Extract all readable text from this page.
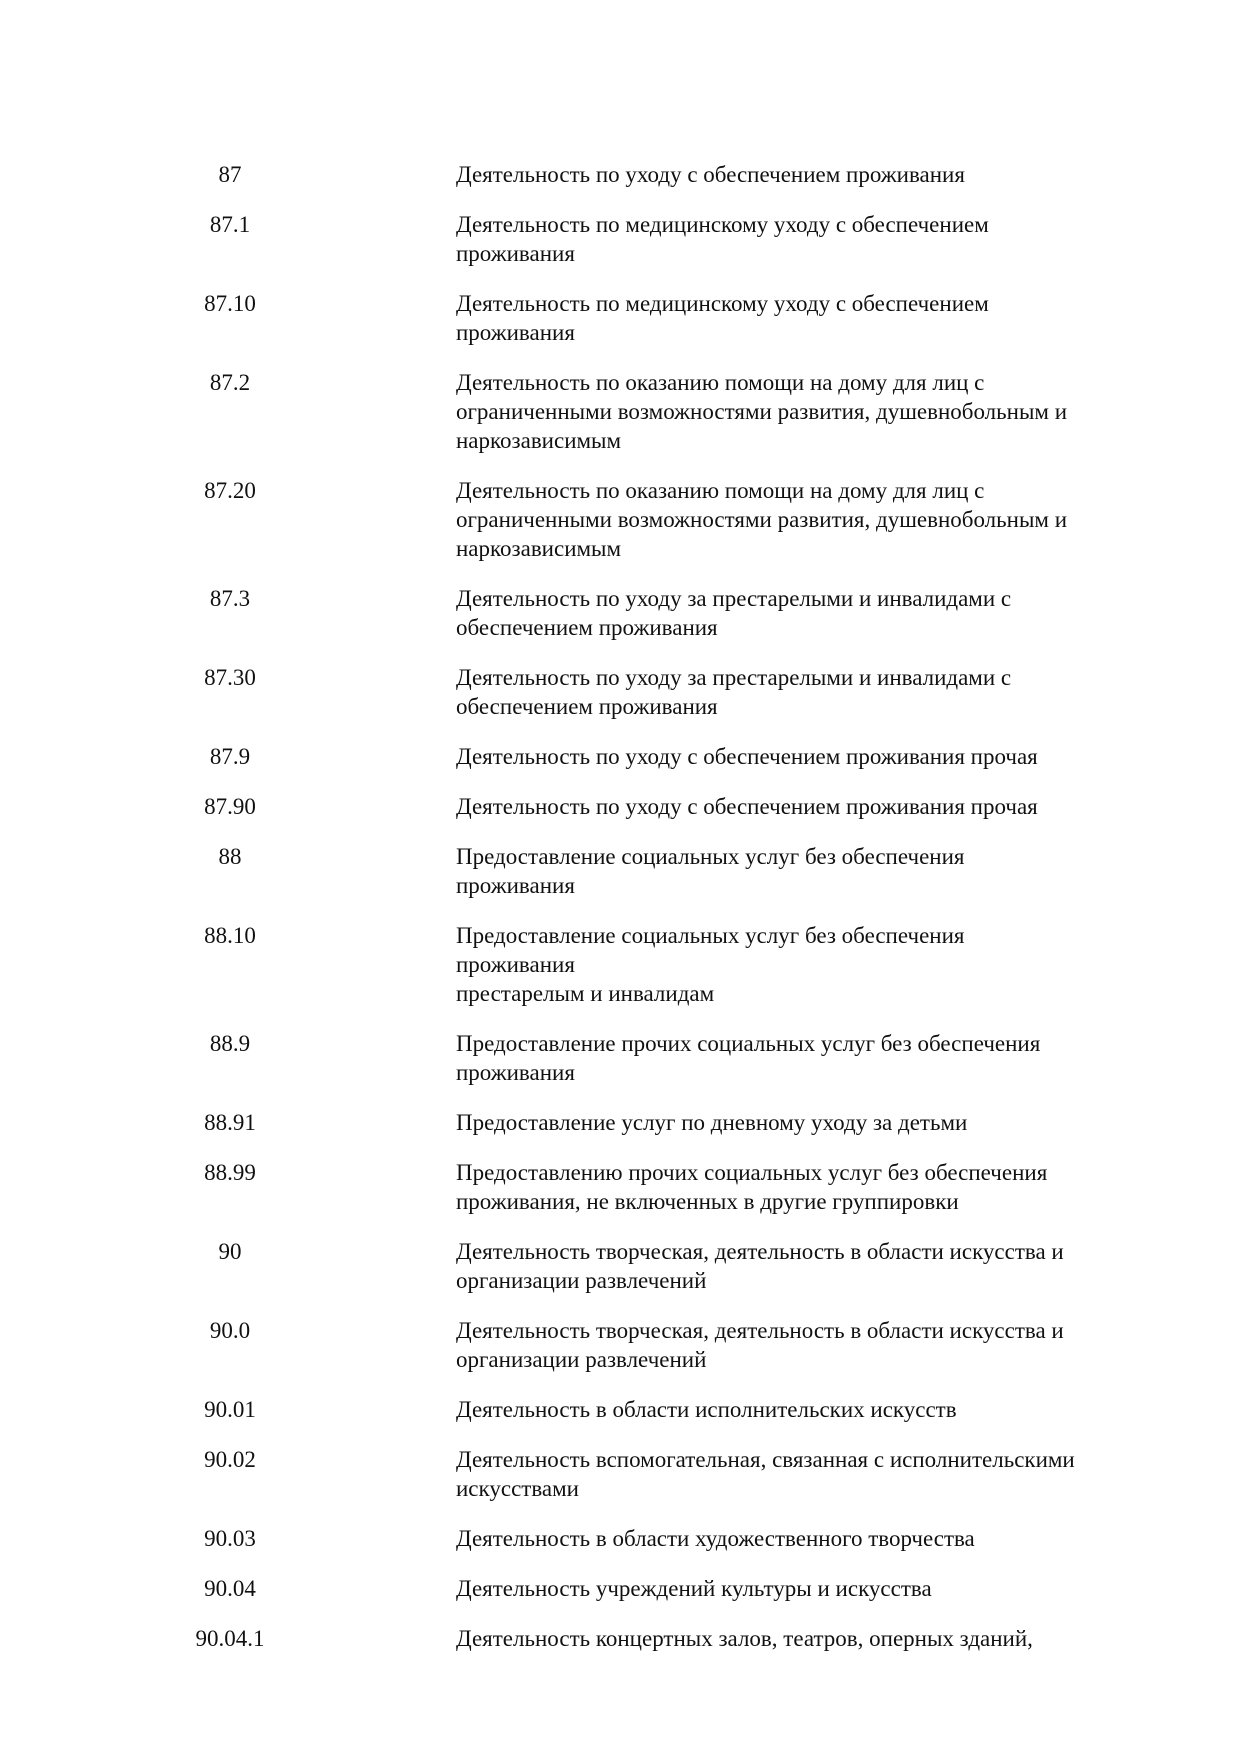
87	Деятельность по уходу с обеспечением проживания
87.1	Деятельность по медицинскому уходу с обеспечением
проживания
87.10	Деятельность по медицинскому уходу с обеспечением
проживания
87.2	Деятельность по оказанию помощи на дому для лиц с
ограниченными возможностями развития, душевнобольным и
наркозависимым
87.20	Деятельность по оказанию помощи на дому для лиц с
ограниченными возможностями развития, душевнобольным и
наркозависимым
87.3	Деятельность по уходу за престарелыми и инвалидами с
обеспечением проживания
87.30	Деятельность по уходу за престарелыми и инвалидами с
обеспечением проживания
87.9	Деятельность по уходу с обеспечением проживания прочая
87.90	Деятельность по уходу с обеспечением проживания прочая
88	Предоставление социальных услуг без обеспечения проживания
88.10	Предоставление социальных услуг без обеспечения проживания
престарелым и инвалидам
88.9	Предоставление прочих социальных услуг без обеспечения
проживания
88.91	Предоставление услуг по дневному уходу за детьми
88.99	Предоставлению прочих социальных услуг без обеспечения
проживания, не включенных в другие группировки
90	Деятельность творческая, деятельность в области искусства и
организации развлечений
90.0	Деятельность творческая, деятельность в области искусства и
организации развлечений
90.01	Деятельность в области исполнительских искусств
90.02	Деятельность вспомогательная, связанная с исполнительскими
искусствами
90.03	Деятельность в области художественного творчества
90.04	Деятельность учреждений культуры и искусства
90.04.1	Деятельность концертных залов, театров, оперных зданий,
